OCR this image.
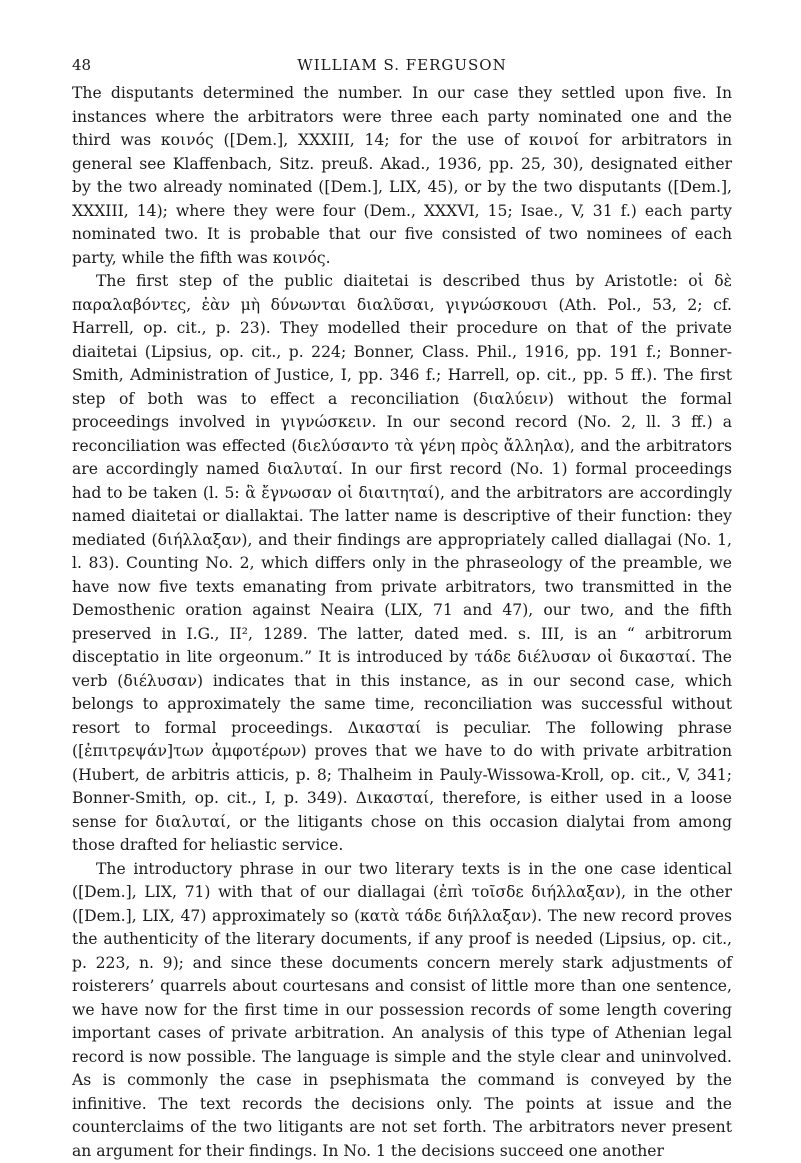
48	WILLIAM S. FERGUSON

The disputants determined the number. In our case they settled upon five. In instances where the arbitrators were three each party nominated one and the third was κοινός ([Dem.], XXXIII, 14; for the use of κοινοί for arbitrators in general see Klaffenbach, Sitz. preuß. Akad., 1936, pp. 25, 30), designated either by the two already nominated ([Dem.], LIX, 45), or by the two disputants ([Dem.], XXXIII, 14); where they were four (Dem., XXXVI, 15; Isae., V, 31 f.) each party nominated two. It is probable that our five consisted of two nominees of each party, while the fifth was κοινός.

The first step of the public diaitetai is described thus by Aristotle: οἱ δὲ παραλαβόντες, ἐὰν μὴ δύνωνται διαλῦσαι, γιγνώσκουσι (Ath. Pol., 53, 2; cf. Harrell, op. cit., p. 23). They modelled their procedure on that of the private diaitetai (Lipsius, op. cit., p. 224; Bonner, Class. Phil., 1916, pp. 191 f.; Bonner-Smith, Administration of Justice, I, pp. 346 f.; Harrell, op. cit., pp. 5 ff.). The first step of both was to effect a reconciliation (διαλύειν) without the formal proceedings involved in γιγνώσκειν. In our second record (No. 2, ll. 3 ff.) a reconciliation was effected (διελύσαντο τὰ γένη πρὸς ἄλληλα), and the arbitrators are accordingly named διαλυταί. In our first record (No. 1) formal proceedings had to be taken (l. 5: ἃ ἔγνωσαν οἱ διαιτηταί), and the arbitrators are accordingly named diaitetai or diallaktai. The latter name is descriptive of their function: they mediated (διήλλαξαν), and their findings are appropriately called diallagai (No. 1, l. 83). Counting No. 2, which differs only in the phraseology of the preamble, we have now five texts emanating from private arbitrators, two transmitted in the Demosthenic oration against Neaira (LIX, 71 and 47), our two, and the fifth preserved in I.G., II², 1289. The latter, dated med. s. III, is an “ arbitrorum disceptatio in lite orgeonum.” It is introduced by τάδε διέλυσαν οἱ δικασταί. The verb (διέλυσαν) indicates that in this instance, as in our second case, which belongs to approximately the same time, reconciliation was successful without resort to formal proceedings. Δικασταί is peculiar. The following phrase ([ἐπιτρεψάν]των ἀμφοτέρων) proves that we have to do with private arbitration (Hubert, de arbitris atticis, p. 8; Thalheim in Pauly-Wissowa-Kroll, op. cit., V, 341; Bonner-Smith, op. cit., I, p. 349). Δικασταί, therefore, is either used in a loose sense for διαλυταί, or the litigants chose on this occasion dialytai from among those drafted for heliastic service.

The introductory phrase in our two literary texts is in the one case identical ([Dem.], LIX, 71) with that of our diallagai (ἐπὶ τοῖσδε διήλλαξαν), in the other ([Dem.], LIX, 47) approximately so (κατὰ τάδε διήλλαξαν). The new record proves the authenticity of the literary documents, if any proof is needed (Lipsius, op. cit., p. 223, n. 9); and since these documents concern merely stark adjustments of roisterers’ quarrels about courtesans and consist of little more than one sentence, we have now for the first time in our possession records of some length covering important cases of private arbitration. An analysis of this type of Athenian legal record is now possible. The language is simple and the style clear and uninvolved. As is commonly the case in psephismata the command is conveyed by the infinitive. The text records the decisions only. The points at issue and the counterclaims of the two litigants are not set forth. The arbitrators never present an argument for their findings. In No. 1 the decisions succeed one another
